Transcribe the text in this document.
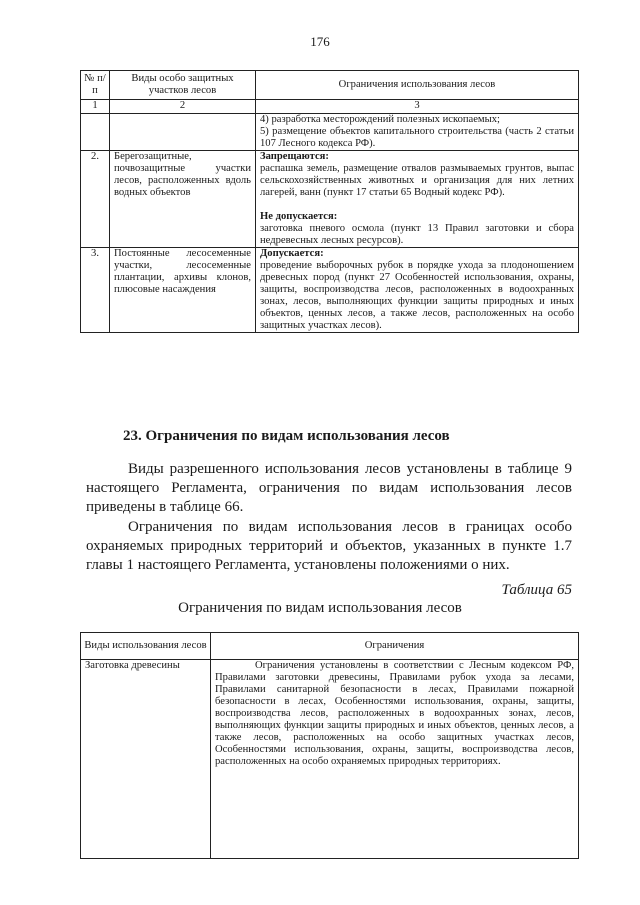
176
№ п/п	Виды особо защитных участков лесов	Ограничения использования лесов
1	2	3

		4) разработка месторождений полезных ископаемых;
5) размещение объектов капитального строительства (часть 2 статьи 107 Лесного кодекса РФ).

2.	Берегозащитные, почвозащитные участки лесов, расположенных вдоль водных объектов	Запрещаются:
распашка земель, размещение отвалов размываемых грунтов, выпас сельскохозяйственных животных и организация для них летних лагерей, ванн (пункт 17 статьи 65 Водный кодекс РФ).
Не допускается:
заготовка пневого осмола (пункт 13 Правил заготовки и сбора недревесных лесных ресурсов).

3.	Постоянные лесосеменные участки, лесосеменные плантации, архивы клонов, плюсовые насаждения	Допускается:
проведение выборочных рубок в порядке ухода за плодоношением древесных пород (пункт 27 Особенностей использования, охраны, защиты, воспроизводства лесов, расположенных в водоохранных зонах, лесов, выполняющих функции защиты природных и иных объектов, ценных лесов, а также лесов, расположенных на особо защитных участках лесов).
23. Ограничения по видам использования лесов
Виды разрешенного использования лесов установлены в таблице 9 настоящего Регламента, ограничения по видам использования лесов приведены в таблице 66.
Ограничения по видам использования лесов в границах особо охраняемых природных территорий и объектов, указанных в пункте 1.7 главы 1 настоящего Регламента, установлены положениями о них.
Таблица 65
Ограничения по видам использования лесов
Виды использования лесов	Ограничения
Заготовка древесины	Ограничения установлены в соответствии с Лесным кодексом РФ, Правилами заготовки древесины, Правилами рубок ухода за лесами, Правилами санитарной безопасности в лесах, Правилами пожарной безопасности в лесах, Особенностями использования, охраны, защиты, воспроизводства лесов, расположенных в водоохранных зонах, лесов, выполняющих функции защиты природных и иных объектов, ценных лесов, а также лесов, расположенных на особо защитных участках лесов, Особенностями использования, охраны, защиты, воспроизводства лесов, расположенных на особо охраняемых природных территориях.
